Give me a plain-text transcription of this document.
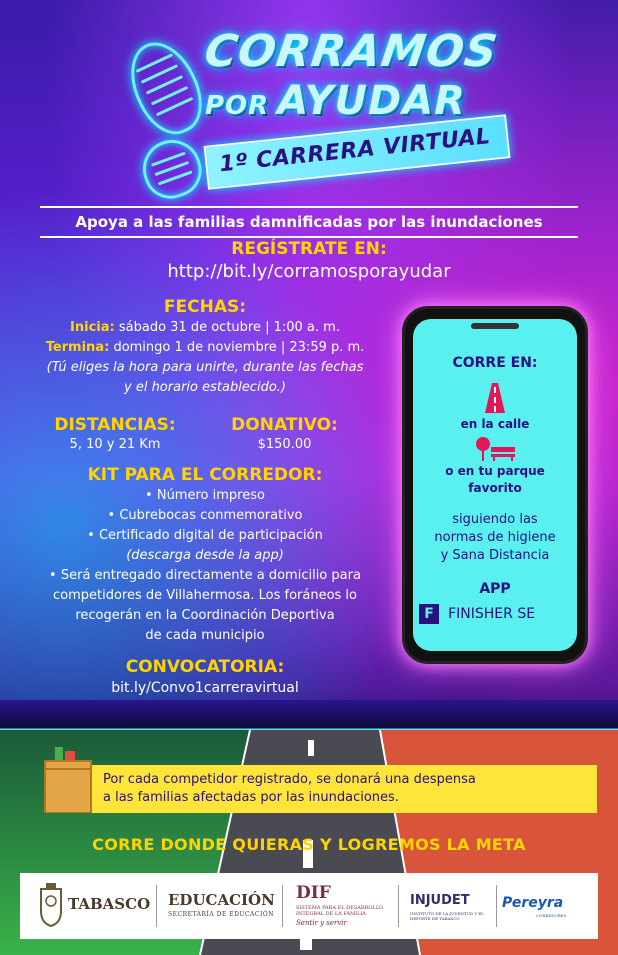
CORRAMOS
POR AYUDAR
1º CARRERA VIRTUAL
Apoya a las familias damnificadas por las inundaciones
REGÍSTRATE EN:
http://bit.ly/corramosporayudar
FECHAS:
Inicia: sábado 31 de octubre | 1:00 a. m.
Termina: domingo 1 de noviembre | 23:59 p. m.
(Tú eliges la hora para unirte, durante las fechas
y el horario establecido.)
DISTANCIAS:
5, 10 y 21 Km
DONATIVO:
$150.00
KIT PARA EL CORREDOR:
• Número impreso
• Cubrebocas conmemorativo
• Certificado digital de participación
(descarga desde la app)
• Será entregado directamente a domicilio para
competidores de Villahermosa. Los foráneos lo
recogerán en la Coordinación Deportiva
de cada municipio
CONVOCATORIA:
bit.ly/Convo1carreravirtual
CORRE EN:
en la calle
o en tu parque
favorito
siguiendo las
normas de higiene
y Sana Distancia
APP
F FINISHER SE
Por cada competidor registrado, se donará una despensa
a las familias afectadas por las inundaciones.
CORRE DONDE QUIERAS Y LOGREMOS LA META
TABASCO EDUCACIÓN
SECRETARÍA DE EDUCACIÓN
DIF
SISTEMA PARA EL DESARROLLO INTEGRAL DE LA FAMILIA
Sentir y servir
INJUDET
INSTITUTO DE LA JUVENTUD Y EL DEPORTE DE TABASCO
Pereyra
CORREDORES
